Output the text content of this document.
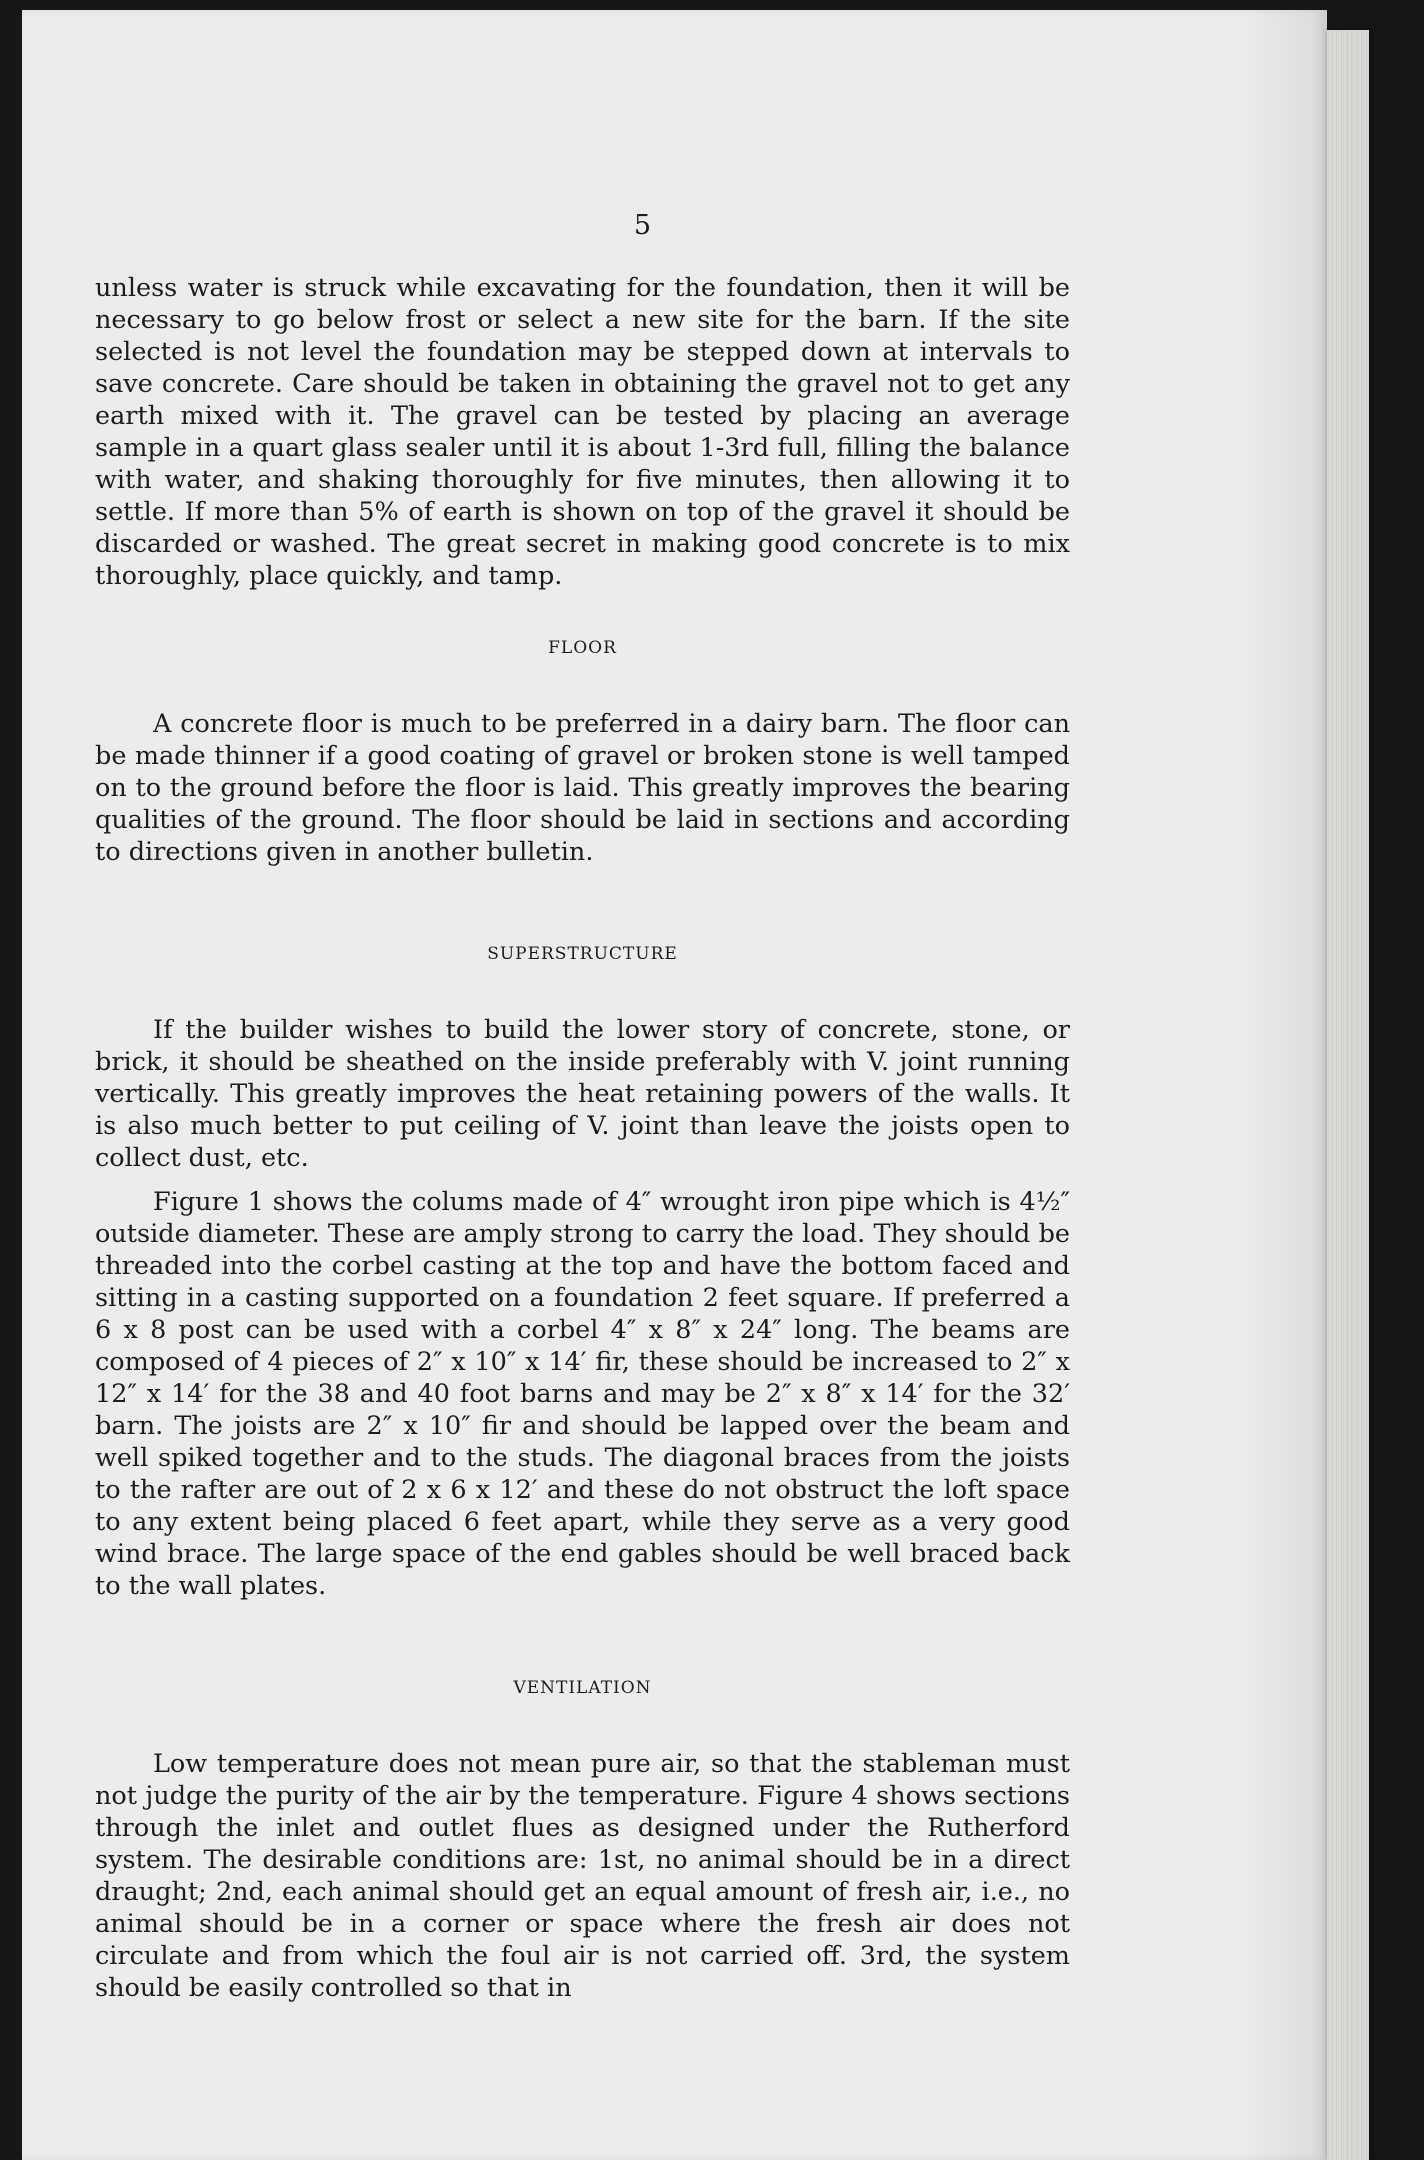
5

unless water is struck while excavating for the foundation, then it will be necessary to go below frost or select a new site for the barn. If the site selected is not level the foundation may be stepped down at intervals to save concrete. Care should be taken in obtaining the gravel not to get any earth mixed with it. The gravel can be tested by placing an average sample in a quart glass sealer until it is about 1-3rd full, filling the balance with water, and shaking thoroughly for five minutes, then allowing it to settle. If more than 5% of earth is shown on top of the gravel it should be discarded or washed. The great secret in making good concrete is to mix thoroughly, place quickly, and tamp.

FLOOR

A concrete floor is much to be preferred in a dairy barn. The floor can be made thinner if a good coating of gravel or broken stone is well tamped on to the ground before the floor is laid. This greatly improves the bearing qualities of the ground. The floor should be laid in sections and according to directions given in another bulletin.

SUPERSTRUCTURE

If the builder wishes to build the lower story of concrete, stone, or brick, it should be sheathed on the inside preferably with V. joint running vertically. This greatly improves the heat retaining powers of the walls. It is also much better to put ceiling of V. joint than leave the joists open to collect dust, etc.

Figure 1 shows the colums made of 4″ wrought iron pipe which is 4½″ outside diameter. These are amply strong to carry the load. They should be threaded into the corbel casting at the top and have the bottom faced and sitting in a casting supported on a foundation 2 feet square. If preferred a 6 x 8 post can be used with a corbel 4″ x 8″ x 24″ long. The beams are composed of 4 pieces of 2″ x 10″ x 14′ fir, these should be increased to 2″ x 12″ x 14′ for the 38 and 40 foot barns and may be 2″ x 8″ x 14′ for the 32′ barn. The joists are 2″ x 10″ fir and should be lapped over the beam and well spiked together and to the studs. The diagonal braces from the joists to the rafter are out of 2 x 6 x 12′ and these do not obstruct the loft space to any extent being placed 6 feet apart, while they serve as a very good wind brace. The large space of the end gables should be well braced back to the wall plates.

VENTILATION

Low temperature does not mean pure air, so that the stableman must not judge the purity of the air by the temperature. Figure 4 shows sections through the inlet and outlet flues as designed under the Rutherford system. The desirable conditions are: 1st, no animal should be in a direct draught; 2nd, each animal should get an equal amount of fresh air, i.e., no animal should be in a corner or space where the fresh air does not circulate and from which the foul air is not carried off. 3rd, the system should be easily controlled so that in
